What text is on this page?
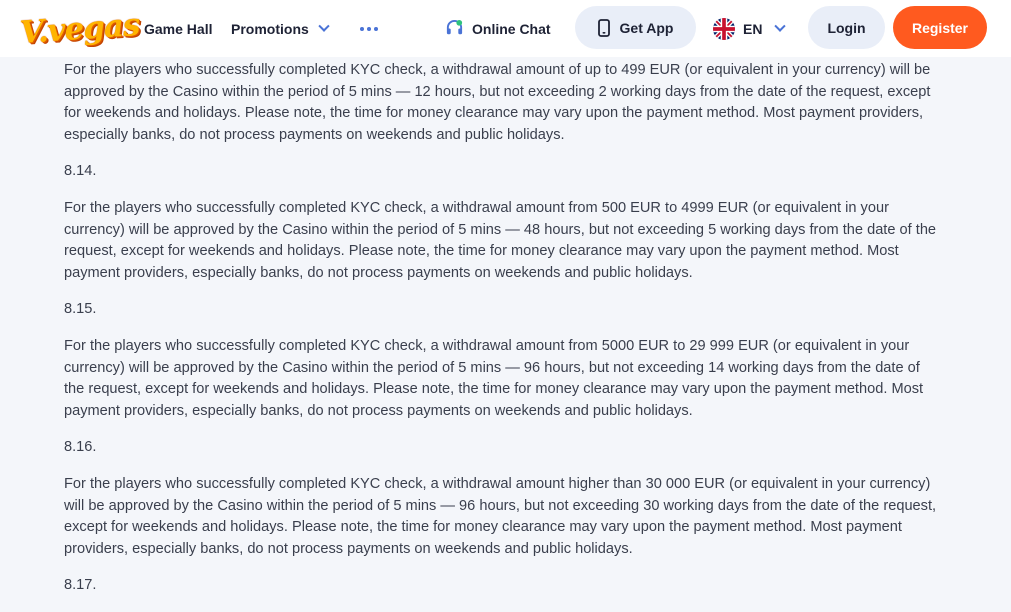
V.vegas Game Hall Promotions	Online Chat	Get App	EN	Login	Register

For the players who successfully completed KYC check, a withdrawal amount of up to 499 EUR (or equivalent in your currency) will be approved by the Casino within the period of 5 mins — 12 hours, but not exceeding 2 working days from the date of the request, except for weekends and holidays. Please note, the time for money clearance may vary upon the payment method. Most payment providers, especially banks, do not process payments on weekends and public holidays.

8.14.

For the players who successfully completed KYC check, a withdrawal amount from 500 EUR to 4999 EUR (or equivalent in your currency) will be approved by the Casino within the period of 5 mins — 48 hours, but not exceeding 5 working days from the date of the request, except for weekends and holidays. Please note, the time for money clearance may vary upon the payment method. Most payment providers, especially banks, do not process payments on weekends and public holidays.

8.15.

For the players who successfully completed KYC check, a withdrawal amount from 5000 EUR to 29 999 EUR (or equivalent in your currency) will be approved by the Casino within the period of 5 mins — 96 hours, but not exceeding 14 working days from the date of the request, except for weekends and holidays. Please note, the time for money clearance may vary upon the payment method. Most payment providers, especially banks, do not process payments on weekends and public holidays.

8.16.

For the players who successfully completed KYC check, a withdrawal amount higher than 30 000 EUR (or equivalent in your currency) will be approved by the Casino within the period of 5 mins — 96 hours, but not exceeding 30 working days from the date of the request, except for weekends and holidays. Please note, the time for money clearance may vary upon the payment method. Most payment providers, especially banks, do not process payments on weekends and public holidays.

8.17.
